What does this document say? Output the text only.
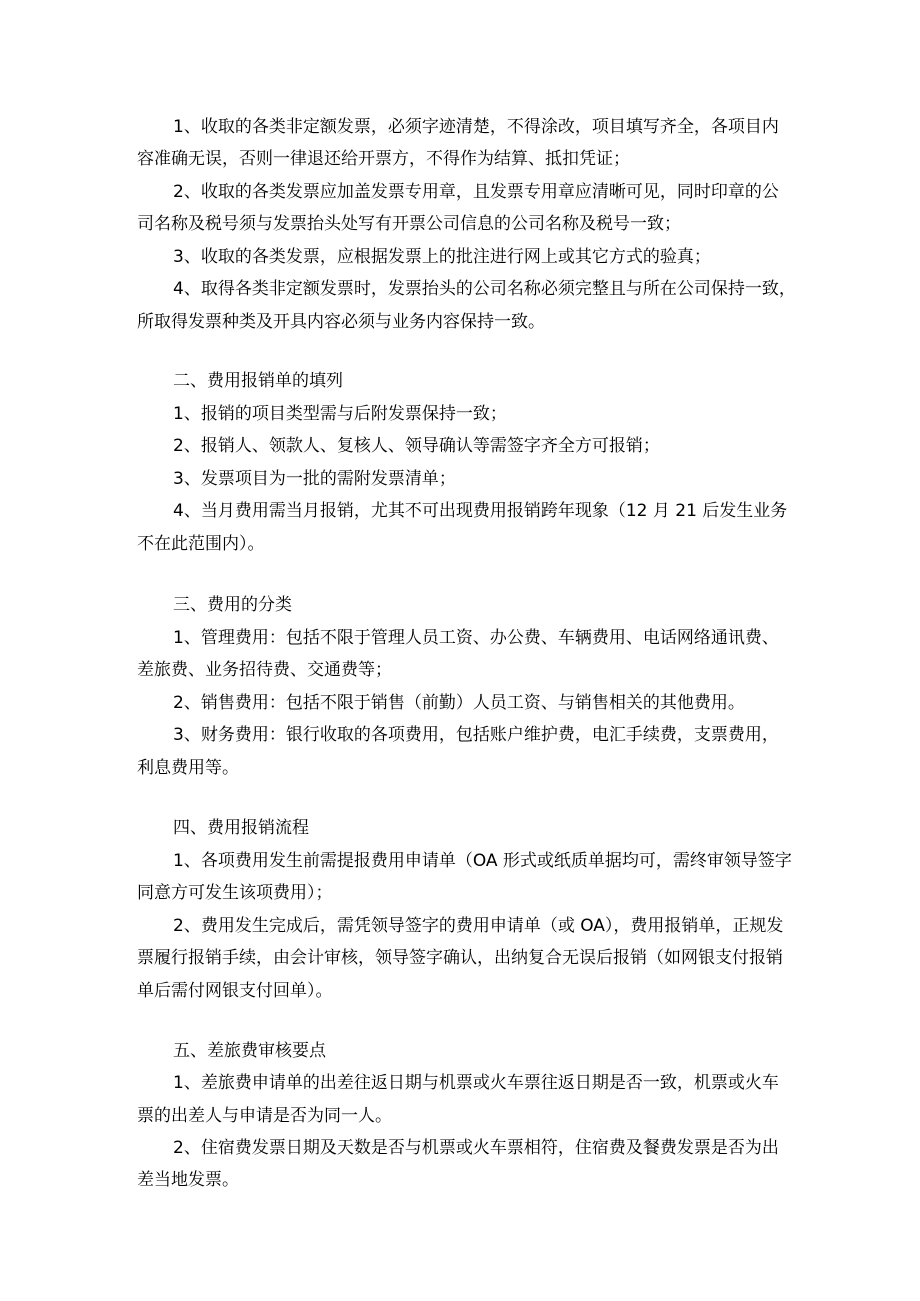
1、收取的各类非定额发票，必须字迹清楚，不得涂改，项目填写齐全，各项目内
容准确无误，否则一律退还给开票方，不得作为结算、抵扣凭证；
2、收取的各类发票应加盖发票专用章，且发票专用章应清晰可见，同时印章的公
司名称及税号须与发票抬头处写有开票公司信息的公司名称及税号一致；
3、收取的各类发票，应根据发票上的批注进行网上或其它方式的验真；
4、取得各类非定额发票时，发票抬头的公司名称必须完整且与所在公司保持一致，
所取得发票种类及开具内容必须与业务内容保持一致。
二、费用报销单的填列
1、报销的项目类型需与后附发票保持一致；
2、报销人、领款人、复核人、领导确认等需签字齐全方可报销；
3、发票项目为一批的需附发票清单；
4、当月费用需当月报销，尤其不可出现费用报销跨年现象（12 月 21 后发生业务
不在此范围内）。
三、费用的分类
1、管理费用：包括不限于管理人员工资、办公费、车辆费用、电话网络通讯费、
差旅费、业务招待费、交通费等；
2、销售费用：包括不限于销售（前勤）人员工资、与销售相关的其他费用。
3、财务费用：银行收取的各项费用，包括账户维护费，电汇手续费，支票费用，
利息费用等。
四、费用报销流程
1、各项费用发生前需提报费用申请单（OA 形式或纸质单据均可，需终审领导签字
同意方可发生该项费用）；
2、费用发生完成后，需凭领导签字的费用申请单（或 OA），费用报销单，正规发
票履行报销手续，由会计审核，领导签字确认，出纳复合无误后报销（如网银支付报销
单后需付网银支付回单）。
五、差旅费审核要点
1、差旅费申请单的出差往返日期与机票或火车票往返日期是否一致，机票或火车
票的出差人与申请是否为同一人。
2、住宿费发票日期及天数是否与机票或火车票相符，住宿费及餐费发票是否为出
差当地发票。
